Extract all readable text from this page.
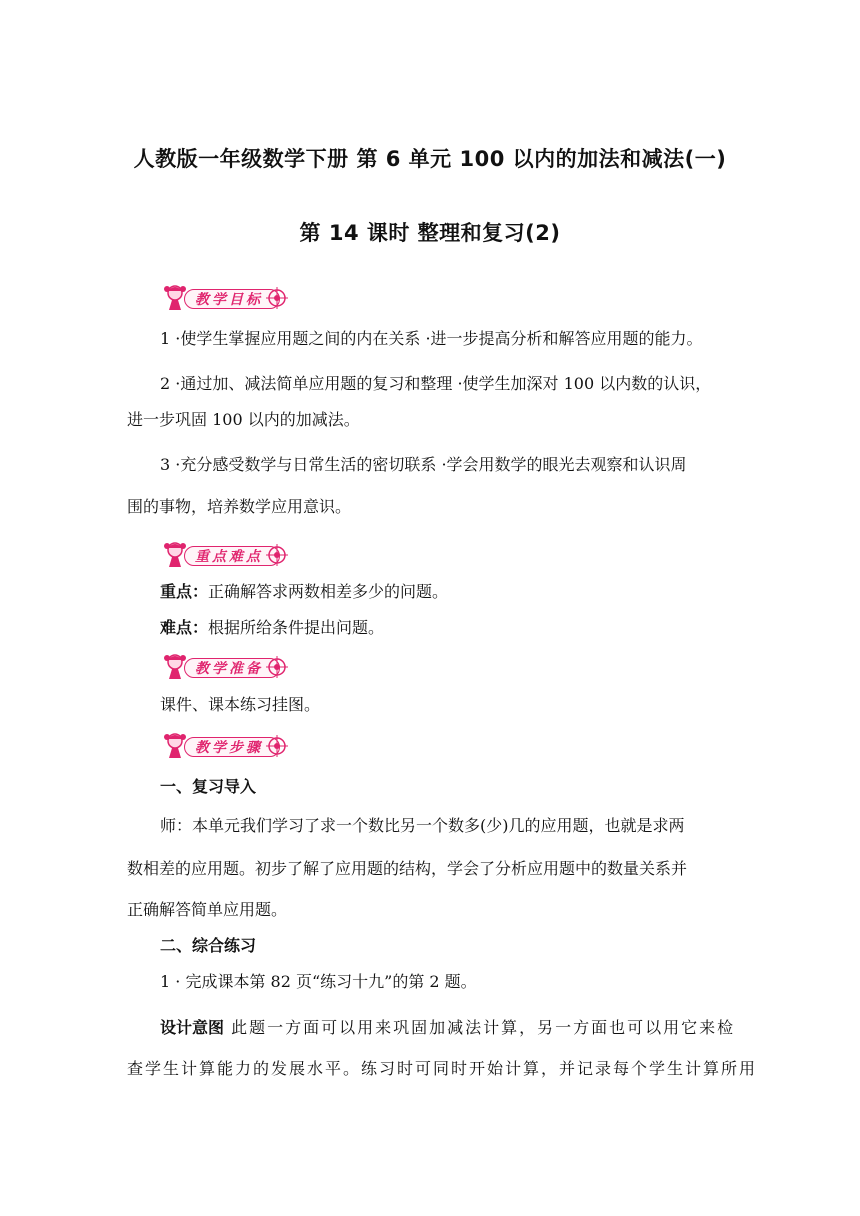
人教版一年级数学下册 第 6 单元 100 以内的加法和减法(一)
第 14 课时 整理和复习(2)
教学目标
1 ·使学生掌握应用题之间的内在关系 ·进一步提高分析和解答应用题的能力。
2 ·通过加、减法简单应用题的复习和整理 ·使学生加深对 100 以内数的认识，
进一步巩固 100 以内的加减法。
3 ·充分感受数学与日常生活的密切联系 ·学会用数学的眼光去观察和认识周
围的事物，培养数学应用意识。
重点难点
重点：正确解答求两数相差多少的问题。
难点：根据所给条件提出问题。
教学准备
课件、课本练习挂图。
教学步骤
一、复习导入
师：本单元我们学习了求一个数比另一个数多(少)几的应用题，也就是求两
数相差的应用题。初步了解了应用题的结构，学会了分析应用题中的数量关系并
正确解答简单应用题。
二、综合练习
1 · 完成课本第 82 页“练习十九”的第 2 题。
设计意图 此题一方面可以用来巩固加减法计算，另一方面也可以用它来检
查学生计算能力的发展水平。练习时可同时开始计算，并记录每个学生计算所用
